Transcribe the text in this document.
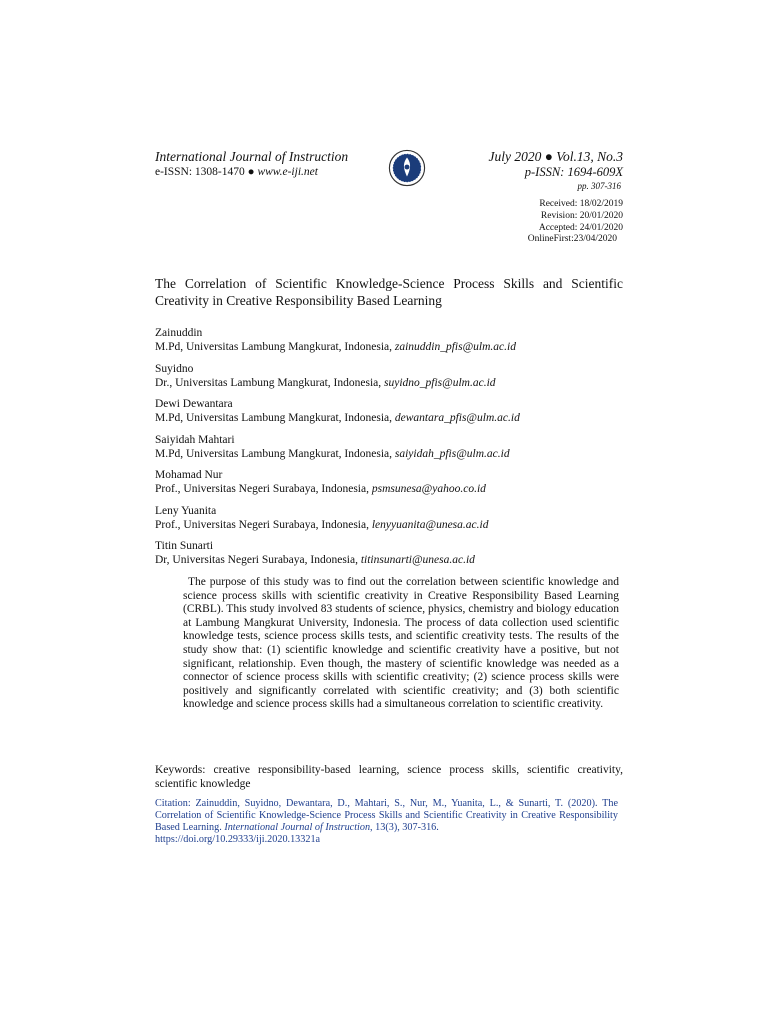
International Journal of Instruction
e-ISSN: 1308-1470 ● www.e-iji.net
July 2020 ● Vol.13, No.3
p-ISSN: 1694-609X
pp. 307-316
Received: 18/02/2019
Revision: 20/01/2020
Accepted: 24/01/2020
OnlineFirst:23/04/2020
The Correlation of Scientific Knowledge-Science Process Skills and Scientific Creativity in Creative Responsibility Based Learning
Zainuddin
M.Pd, Universitas Lambung Mangkurat, Indonesia, zainuddin_pfis@ulm.ac.id
Suyidno
Dr., Universitas Lambung Mangkurat, Indonesia, suyidno_pfis@ulm.ac.id
Dewi Dewantara
M.Pd, Universitas Lambung Mangkurat, Indonesia, dewantara_pfis@ulm.ac.id
Saiyidah Mahtari
M.Pd, Universitas Lambung Mangkurat, Indonesia, saiyidah_pfis@ulm.ac.id
Mohamad Nur
Prof., Universitas Negeri Surabaya, Indonesia, psmsunesa@yahoo.co.id
Leny Yuanita
Prof., Universitas Negeri Surabaya, Indonesia, lenyyuanita@unesa.ac.id
Titin Sunarti
Dr, Universitas Negeri Surabaya, Indonesia, titinsunarti@unesa.ac.id
The purpose of this study was to find out the correlation between scientific knowledge and science process skills with scientific creativity in Creative Responsibility Based Learning (CRBL). This study involved 83 students of science, physics, chemistry and biology education at Lambung Mangkurat University, Indonesia. The process of data collection used scientific knowledge tests, science process skills tests, and scientific creativity tests. The results of the study show that: (1) scientific knowledge and scientific creativity have a positive, but not significant, relationship. Even though, the mastery of scientific knowledge was needed as a connector of science process skills with scientific creativity; (2) science process skills were positively and significantly correlated with scientific creativity; and (3) both scientific knowledge and science process skills had a simultaneous correlation to scientific creativity.
Keywords: creative responsibility-based learning, science process skills, scientific creativity, scientific knowledge
Citation: Zainuddin, Suyidno, Dewantara, D., Mahtari, S., Nur, M., Yuanita, L., & Sunarti, T. (2020). The Correlation of Scientific Knowledge-Science Process Skills and Scientific Creativity in Creative Responsibility Based Learning. International Journal of Instruction, 13(3), 307-316.
https://doi.org/10.29333/iji.2020.13321a
